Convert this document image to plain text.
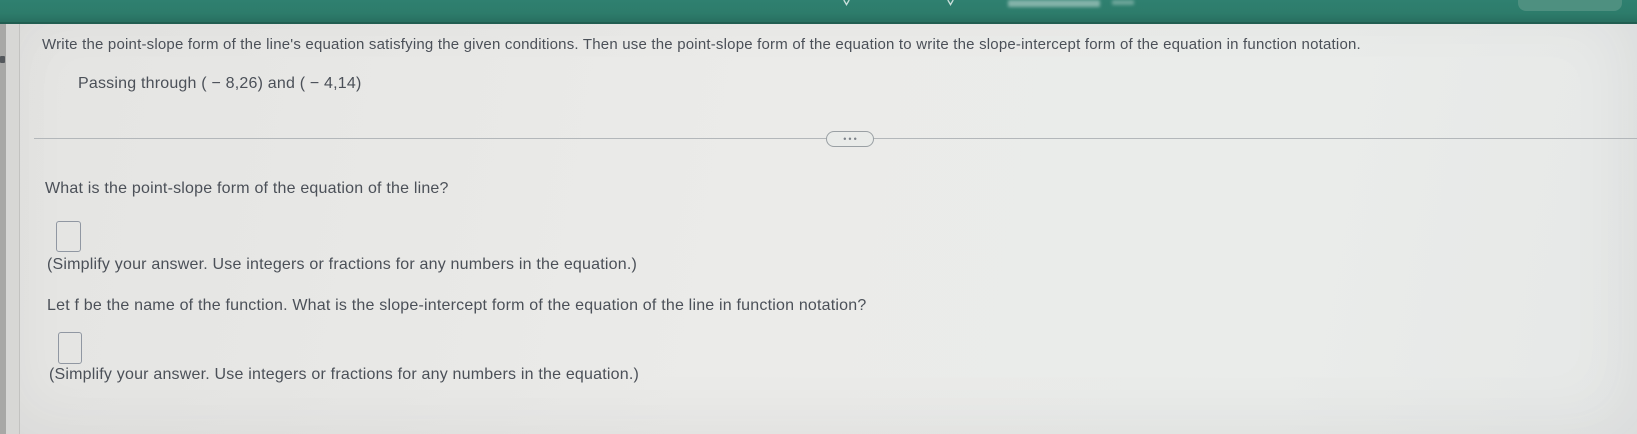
Write the point-slope form of the line's equation satisfying the given conditions. Then use the point-slope form of the equation to write the slope-intercept form of the equation in function notation.
Passing through ( − 8,26) and ( − 4,14)
•••
What is the point-slope form of the equation of the line?
(Simplify your answer. Use integers or fractions for any numbers in the equation.)
Let f be the name of the function. What is the slope-intercept form of the equation of the line in function notation?
(Simplify your answer. Use integers or fractions for any numbers in the equation.)
